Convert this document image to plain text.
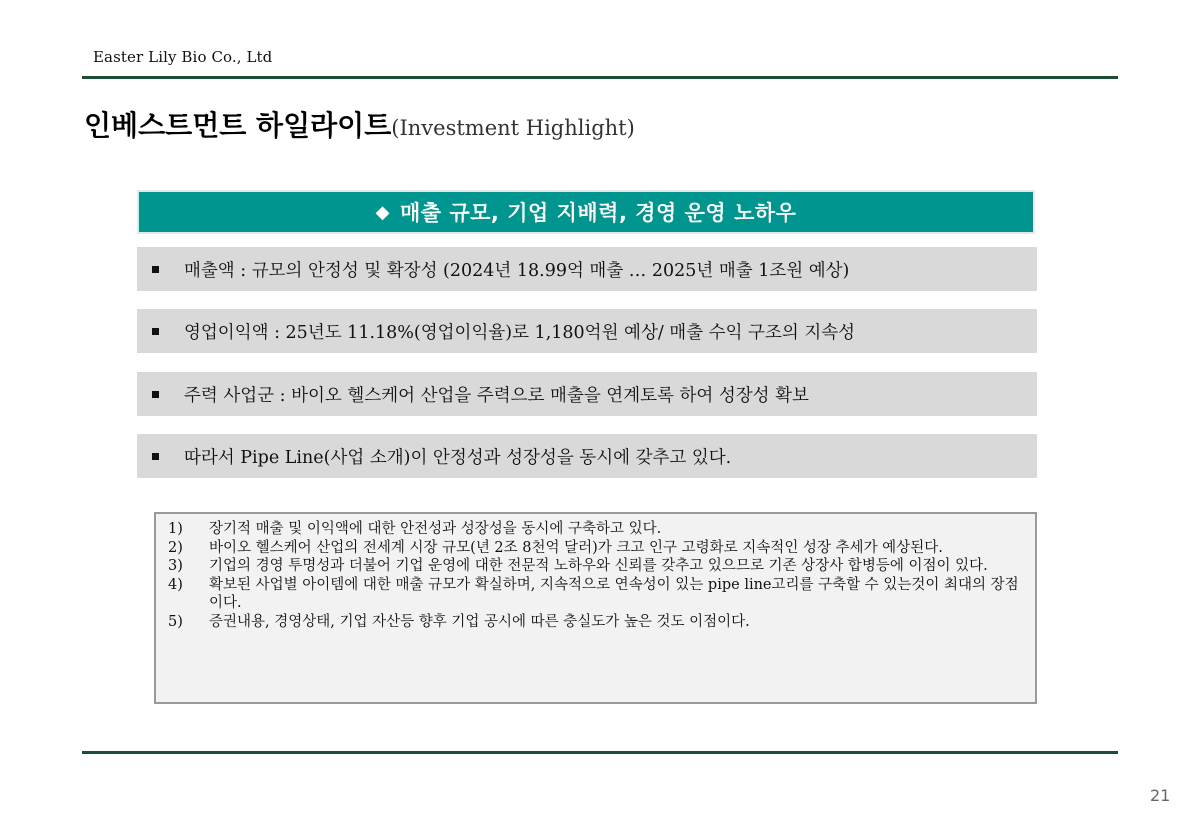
Easter Lily Bio Co., Ltd
인베스트먼트 하일라이트(Investment Highlight)
◆ 매출 규모, 기업 지배력, 경영 운영 노하우
매출액 : 규모의 안정성 및 확장성 (2024년 18.99억 매출 … 2025년 매출 1조원 예상)
영업이익액 : 25년도 11.18%(영업이익율)로 1,180억원 예상/ 매출 수익 구조의 지속성
주력 사업군 : 바이오 헬스케어 산업을 주력으로 매출을 연계토록 하여 성장성 확보
따라서 Pipe Line(사업 소개)이 안정성과 성장성을 동시에 갖추고 있다.
1)	장기적 매출 및 이익액에 대한 안전성과 성장성을 동시에 구축하고 있다.
2)	바이오 헬스케어 산업의 전세계 시장 규모(년 2조 8천억 달러)가 크고 인구 고령화로 지속적인 성장 추세가 예상된다.
3)	기업의 경영 투명성과 더불어 기업 운영에 대한 전문적 노하우와 신뢰를 갖추고 있으므로 기존 상장사 합병등에 이점이 있다.
4)	확보된 사업별 아이템에 대한 매출 규모가 확실하며, 지속적으로 연속성이 있는 pipe line고리를 구축할 수 있는것이 최대의 장점이다.
5)	증권내용, 경영상태, 기업 자산등 향후 기업 공시에 따른 충실도가 높은 것도 이점이다.
21
